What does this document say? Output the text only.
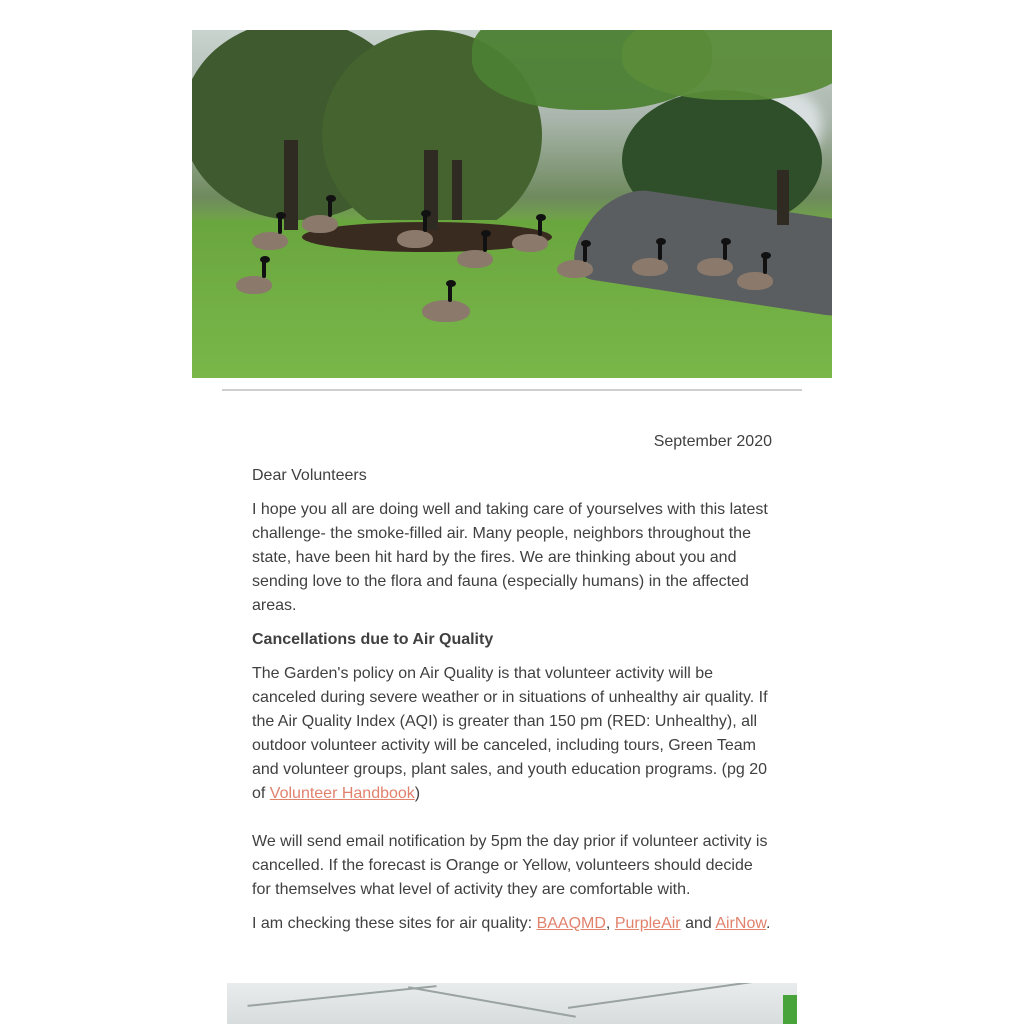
September 2020

Dear Volunteers

I hope you all are doing well and taking care of yourselves with this latest challenge- the smoke-filled air. Many people, neighbors throughout the state, have been hit hard by the fires. We are thinking about you and sending love to the flora and fauna (especially humans) in the affected areas.

Cancellations due to Air Quality

The Garden's policy on Air Quality is that volunteer activity will be canceled during severe weather or in situations of unhealthy air quality. If the Air Quality Index (AQI) is greater than 150 pm (RED: Unhealthy), all outdoor volunteer activity will be canceled, including tours, Green Team and volunteer groups, plant sales, and youth education programs. (pg 20 of Volunteer Handbook)

We will send email notification by 5pm the day prior if volunteer activity is cancelled. If the forecast is Orange or Yellow, volunteers should decide for themselves what level of activity they are comfortable with.

I am checking these sites for air quality: BAAQMD, PurpleAir and AirNow.
